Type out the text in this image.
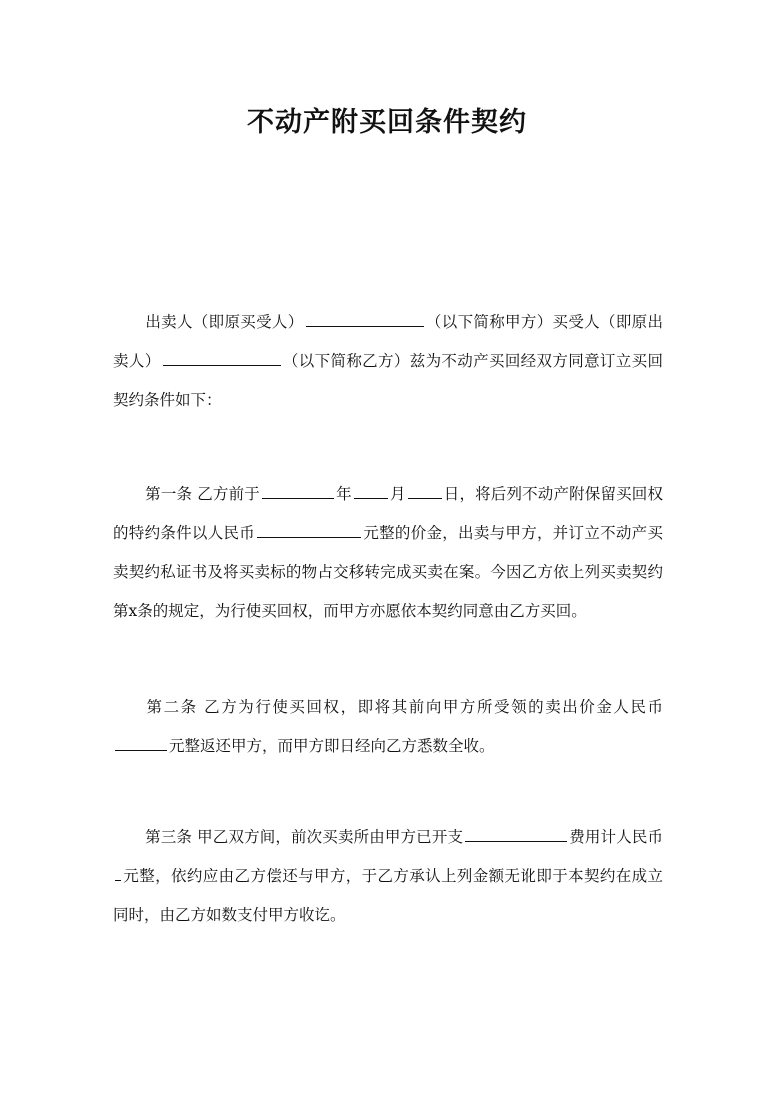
不动产附买回条件契约

出卖人（即原买受人）	（以下简称甲方）买受人（即原出卖人）	（以下简称乙方）兹为不动产买回经双方同意订立买回契约条件如下：

第一条 乙方前于	年 月 日，将后列不动产附保留买回权的特约条件以人民币	元整的价金，出卖与甲方，并订立不动产买卖契约私证书及将买卖标的物占交移转完成买卖在案。今因乙方依上列买卖契约第x条的规定，为行使买回权，而甲方亦愿依本契约同意由乙方买回。

第二条 乙方为行使买回权，即将其前向甲方所受领的卖出价金人民币元整返还甲方，而甲方即日经向乙方悉数全收。

第三条 甲乙双方间，前次买卖所由甲方已开支	费用计人民币元整，依约应由乙方偿还与甲方，于乙方承认上列金额无讹即于本契约在成立同时，由乙方如数支付甲方收讫。
